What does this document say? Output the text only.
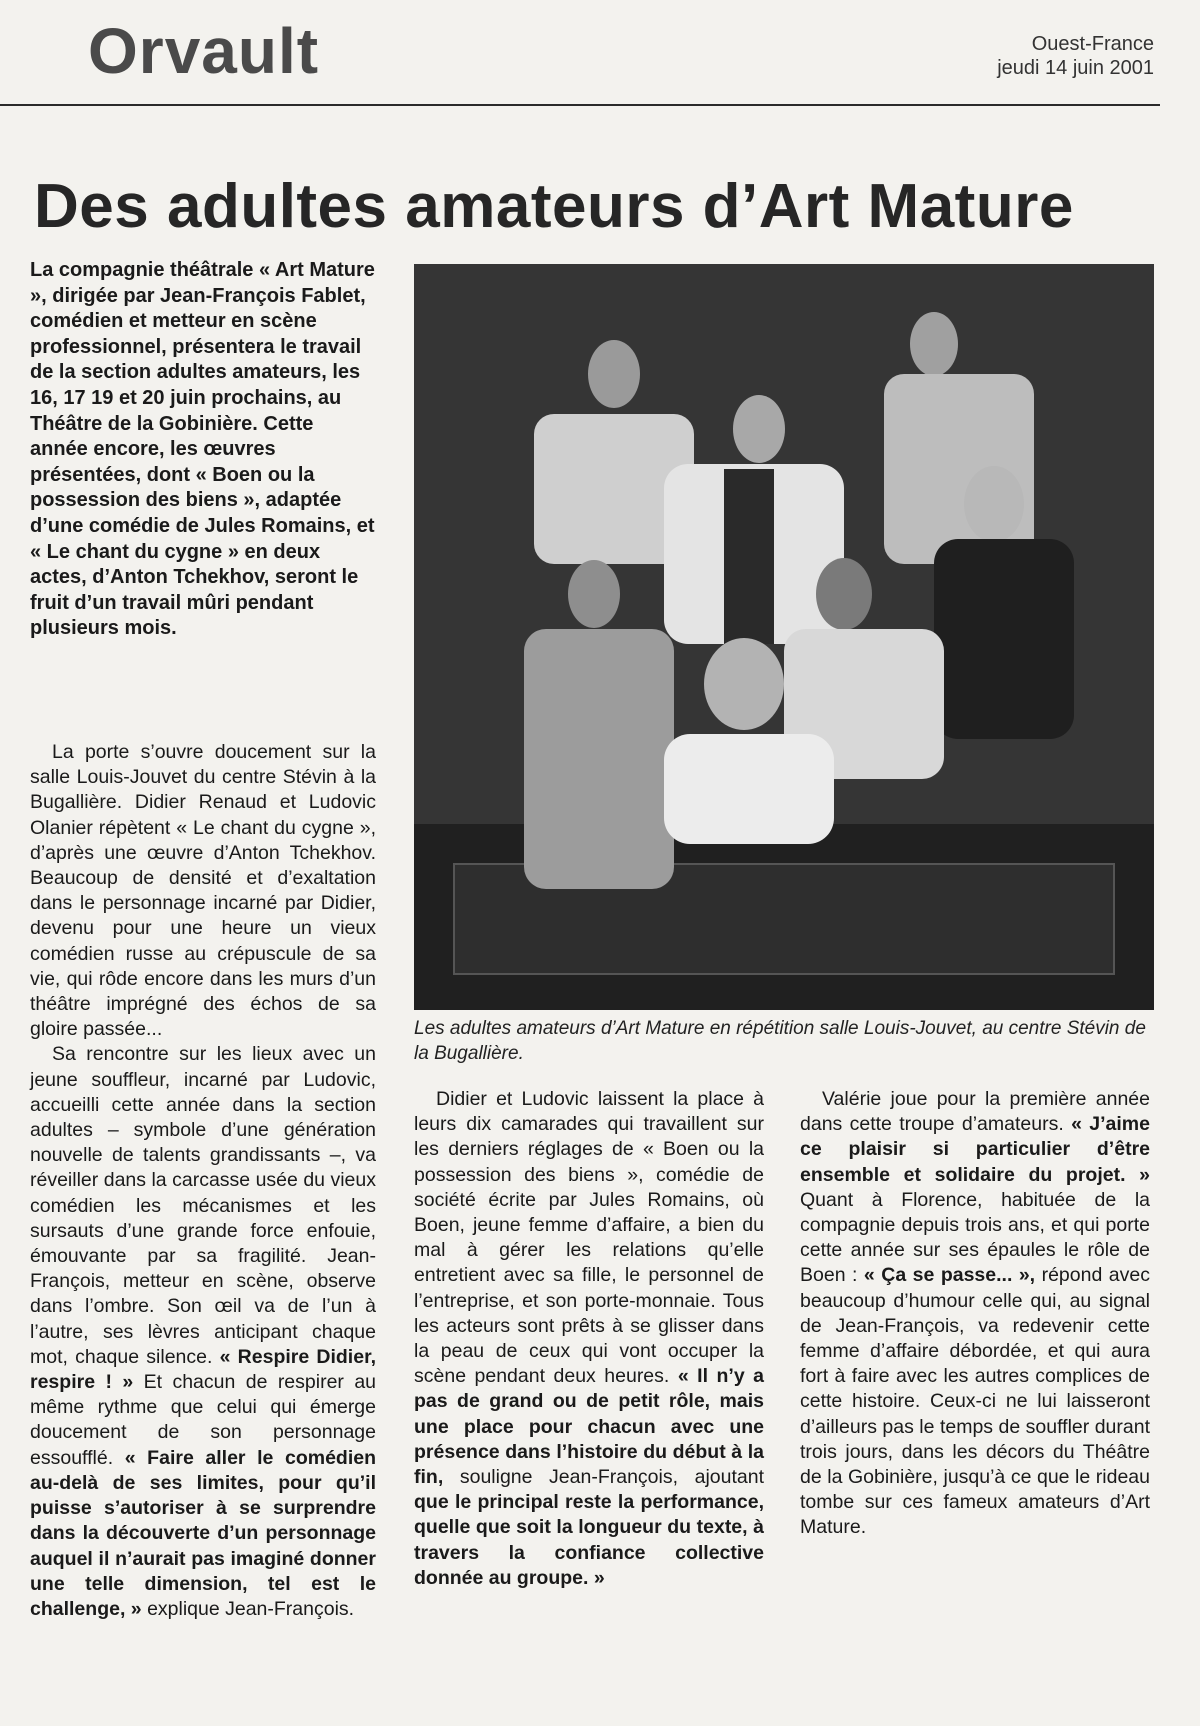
Orvault	Ouest-France
jeudi 14 juin 2001
Des adultes amateurs d’Art Mature
La compagnie théâtrale « Art Mature », dirigée par Jean-François Fablet, comédien et metteur en scène professionnel, présentera le travail de la section adultes amateurs, les 16, 17 19 et 20 juin prochains, au Théâtre de la Gobinière. Cette année encore, les œuvres présentées, dont « Boen ou la possession des biens », adaptée d’une comédie de Jules Romains, et « Le chant du cygne » en deux actes, d’Anton Tchekhov, seront le fruit d’un travail mûri pendant plusieurs mois.
Les adultes amateurs d’Art Mature en répétition salle Louis-Jouvet, au centre Stévin de la Bugallière.

La porte s’ouvre doucement sur la salle Louis-Jouvet du centre Stévin à la Bugallière. Didier Renaud et Ludovic Olanier répètent « Le chant du cygne », d’après une œuvre d’Anton Tchekhov. Beaucoup de densité et d’exaltation dans le personnage incarné par Didier, devenu pour une heure un vieux comédien russe au crépuscule de sa vie, qui rôde encore dans les murs d’un théâtre imprégné des échos de sa gloire passée...

Sa rencontre sur les lieux avec un jeune souffleur, incarné par Ludovic, accueilli cette année dans la section adultes – symbole d’une génération nouvelle de talents grandissants –, va réveiller dans la carcasse usée du vieux comédien les mécanismes et les sursauts d’une grande force enfouie, émouvante par sa fragilité. Jean-François, metteur en scène, observe dans l’ombre. Son œil va de l’un à l’autre, ses lèvres anticipant chaque mot, chaque silence. « Respire Didier, respire ! » Et chacun de respirer au même rythme que celui qui émerge doucement de son personnage essoufflé. « Faire aller le comédien au-delà de ses limites, pour qu’il puisse s’autoriser à se surprendre dans la découverte d’un personnage auquel il n’aurait pas imaginé donner une telle dimension, tel est le challenge, » explique Jean-François.

Didier et Ludovic laissent la place à leurs dix camarades qui travaillent sur les derniers réglages de « Boen ou la possession des biens », comédie de société écrite par Jules Romains, où Boen, jeune femme d’affaire, a bien du mal à gérer les relations qu’elle entretient avec sa fille, le personnel de l’entreprise, et son porte-monnaie. Tous les acteurs sont prêts à se glisser dans la peau de ceux qui vont occuper la scène pendant deux heures. « Il n’y a pas de grand ou de petit rôle, mais une place pour chacun avec une présence dans l’histoire du début à la fin, souligne Jean-François, ajoutant que le principal reste la performance, quelle que soit la longueur du texte, à travers la confiance collective donnée au groupe. »

Valérie joue pour la première année dans cette troupe d’amateurs. « J’aime ce plaisir si particulier d’être ensemble et solidaire du projet. » Quant à Florence, habituée de la compagnie depuis trois ans, et qui porte cette année sur ses épaules le rôle de Boen : « Ça se passe... », répond avec beaucoup d’humour celle qui, au signal de Jean-François, va redevenir cette femme d’affaire débordée, et qui aura fort à faire avec les autres complices de cette histoire. Ceux-ci ne lui laisseront d’ailleurs pas le temps de souffler durant trois jours, dans les décors du Théâtre de la Gobinière, jusqu’à ce que le rideau tombe sur ces fameux amateurs d’Art Mature.
